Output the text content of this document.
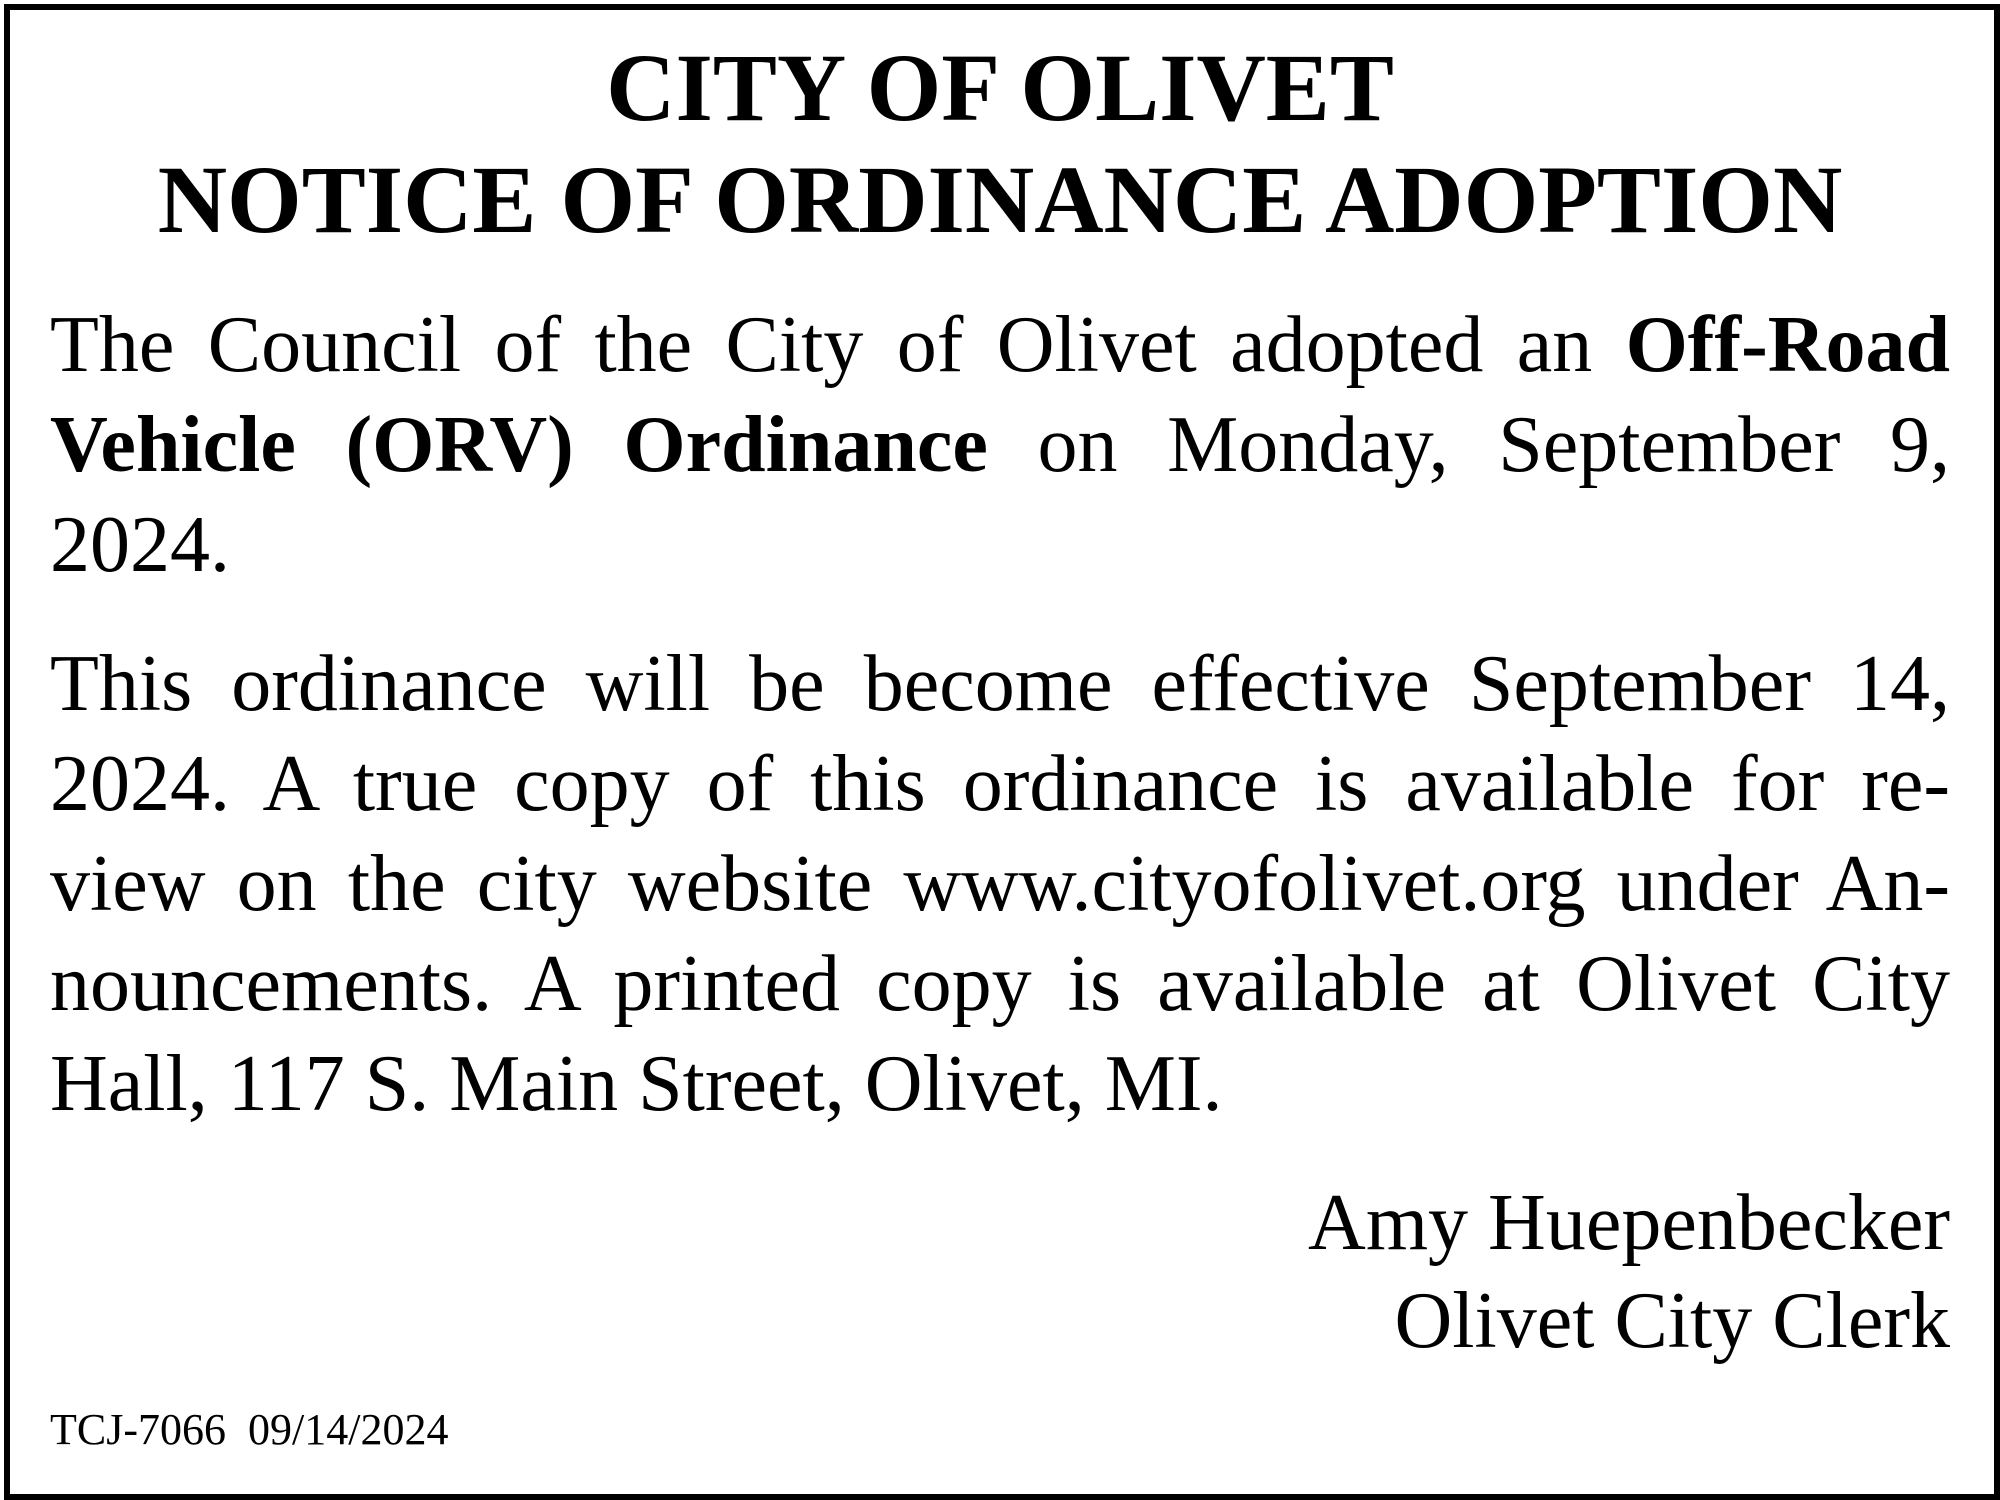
CITY OF OLIVET
NOTICE OF ORDINANCE ADOPTION
The Council of the City of Olivet adopted an Off-Road
Vehicle (ORV) Ordinance on Monday, September 9,
2024.
This ordinance will be become effective September 14,
2024. A true copy of this ordinance is available for re-
view on the city website www.cityofolivet.org under An-
nouncements. A printed copy is available at Olivet City
Hall, 117 S. Main Street, Olivet, MI.
Amy Huepenbecker
Olivet City Clerk
TCJ-7066  09/14/2024
